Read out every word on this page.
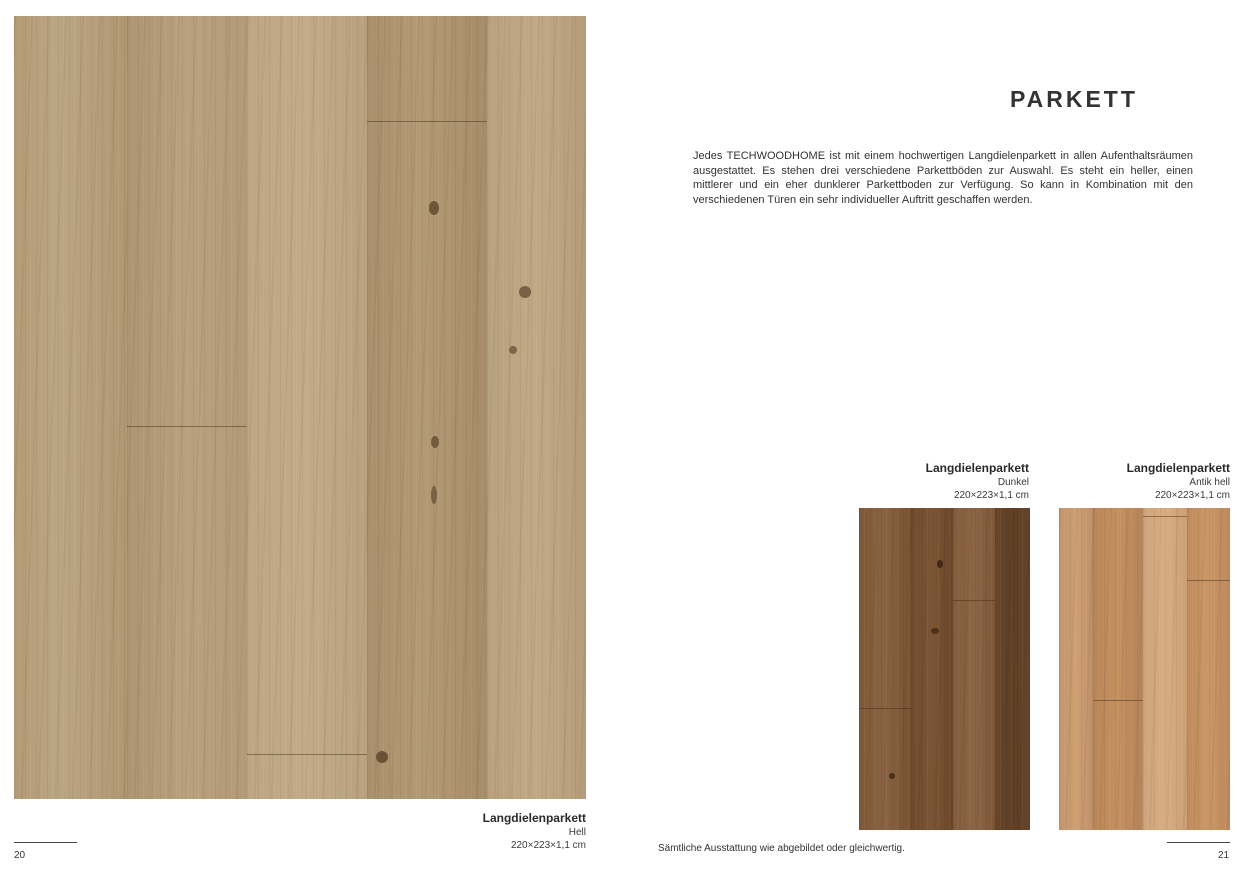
Langdielenparkett
Hell
220×223×1,1 cm
20
PARKETT
Jedes TECHWOODHOME ist mit einem hochwertigen Langdielenparkett in allen Aufenthaltsräumen ausgestattet. Es stehen drei verschiedene Parkettböden zur Auswahl. Es steht ein heller, einen mittlerer und ein eher dunklerer Parkettboden zur Verfügung. So kann in Kombination mit den verschiedenen Türen ein sehr individueller Auftritt geschaffen werden.
Langdielenparkett
Dunkel
220×223×1,1 cm
Langdielenparkett
Antik hell
220×223×1,1 cm
Sämtliche Ausstattung wie abgebildet oder gleichwertig.
21
